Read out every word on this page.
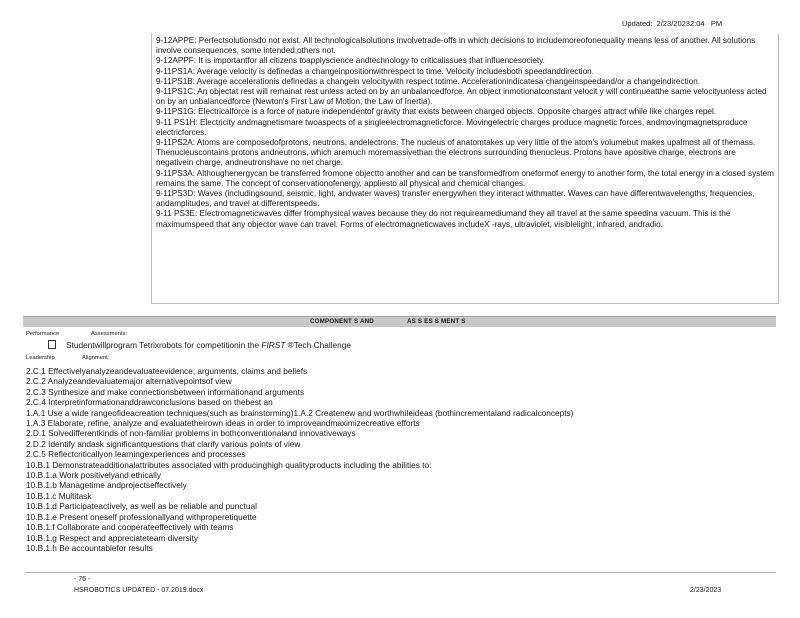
Updated:  2/23/20232:04   PM

9-12APPE: Perfectsolutionsdo not exist. All technologicalsolutions involvetrade-offs in which decisions to includemoreofonequality means less of another. All solutions involve consequences, some intended,others not.

9-12APPF: It is importantfor all citizens toapplyscience andtechnology to criticalissues that influencesociety.

9-11PS1A: Average velocity is definedas a changeinpositionwithrespect to time. Velocity includesboth speedanddirection.

9-11PS1B: Average accelerationis definedas a changein velocitywith respect totime. Accelerationindicatesa changeinspeedand/or a changeindirection.

9-11PS1C: An objectat rest will remainat rest unless acted on by an unbalancedforce. An object inmotionatconstant velocit y will continueatthe same velocityunless acted on by an unbalancedforce (Newton's First Law of Motion, the Law of Inertia).

9-11PS1G: Electricalforce is a force of nature independentof gravity that exists between charged objects. Opposite charges attract while like charges repel.

9-11 PS1H: Electricity andmagnetismare twoaspects of a singleelectromagneticforce. Movingelectric charges produce magnetic forces, andmovingmagnetsproduce electricforces.

9-11PS2A: Atoms are composedofprotons, neutrons, andelectrons. The nucleus of anatomtakes up very little of the atom's volumebut makes upalmost all of themass. Thenucleuscontains protons andneutrons, which aremuch moremassivethan the electrons surrounding thenucleus. Protons have apositive charge, electrons are negativein charge, andneutronshave no net charge.

9-11PS3A: Althoughenergycan be transferred fromone objectto another and can be transformedfrom oneformof energy to another form, the total energy in a closed system remains the same. The concept of conservationofenergy, appliesto all physical and chemical changes.

9-11PS3D: Waves (includingsound, seismic, light, andwater waves) transfer energywhen they interact withmatter. Waves can have differentwavelengths, frequencies, andamplitudes, and travel at differentspeeds.

9-11 PS3E: Electromagneticwaves differ fromphysical waves because they do not requireamediumand they all travel at the same speedina vacuum. This is the maximumspeed that any objector wave can travel. Forms of electromagneticwaves includeX -rays, ultraviolet, visiblelight, infrared, andradio.

COMPONENT S AND	AS S ES S MENT S
Performance	Assessments:
Studentwillprogram Tetrixrobots for competitionin the FIRST ®Tech Challenge
Leadership	Alignment:

2.C.1 Effectivelyanalyzeandevaluateevidence, arguments, claims and beliefs

2.C.2 Analyzeandevaluatemajor alternativepointsof view

2.C.3 Synthesize and make connectionsbetween informationand arguments

2.C.4 Interpretinformationanddrawconclusions based on thebest an

1.A.1 Use a wide rangeofideacreation techniques(such as brainstorming)1.A.2 Createnew and worthwhileideas (bothincrementaland radicalconcepts)

1.A.3 Elaborate, refine, analyze and evaluatetheirown ideas in order to improveandmaximizecreative efforts

2.D.1 Solvedifferentkinds of non-familiar problems in bothconventionaland innovativeways

2.D.2 Identify andask significantquestions that clarify various points of view

2.C.5 Reflectcriticallyon learningexperiences and processes

10.B.1 Demonstrateadditionalattributes associated with producinghigh qualityproducts including the abilities to:

10.B.1.a Work positivelyand ethically

10.B.1.b Managetime andprojectseffectively

10.B.1.c Multitask

10.B.1.d Participateactively, as well as be reliable and punctual

10.B.1.e Present oneself professionallyand withproperetiquette

10.B.1.f Collaborate and cooperateeffectively with teams

10.B.1.g Respect and appreciateteam diversity

10.B.1.h Be accountablefor results

- 76 -
HSROBOTICS UPDATED - 07.2019.docx	2/23/2023
